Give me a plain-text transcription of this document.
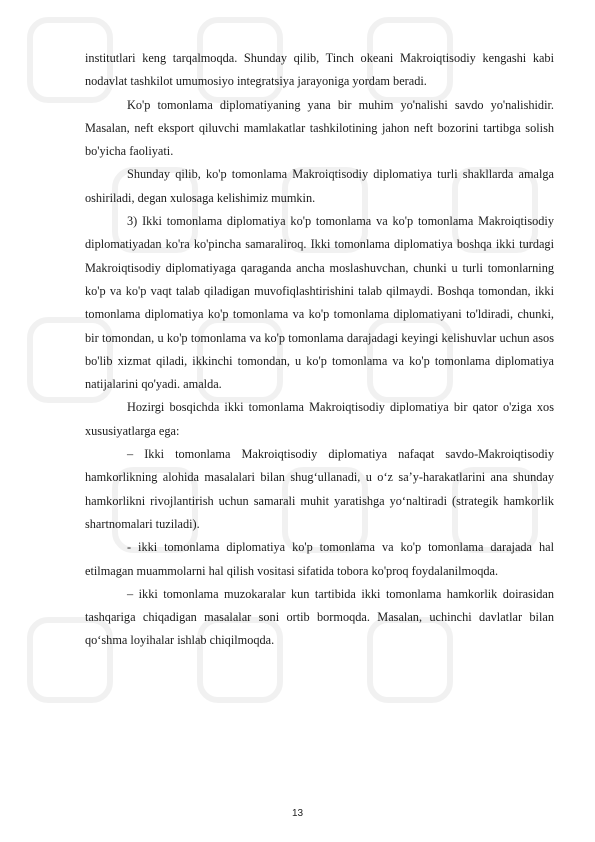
institutlari keng tarqalmoqda. Shunday qilib, Tinch okeani Makroiqtisodiy kengashi kabi nodavlat tashkilot umumosiyo integratsiya jarayoniga yordam beradi.

Ko'p tomonlama diplomatiyaning yana bir muhim yo'nalishi savdo yo'nalishidir. Masalan, neft eksport qiluvchi mamlakatlar tashkilotining jahon neft bozorini tartibga solish bo'yicha faoliyati.

Shunday qilib, ko'p tomonlama Makroiqtisodiy diplomatiya turli shakllarda amalga oshiriladi, degan xulosaga kelishimiz mumkin.

3) Ikki tomonlama diplomatiya ko'p tomonlama va ko'p tomonlama Makroiqtisodiy diplomatiyadan ko'ra ko'pincha samaraliroq. Ikki tomonlama diplomatiya boshqa ikki turdagi Makroiqtisodiy diplomatiyaga qaraganda ancha moslashuvchan, chunki u turli tomonlarning ko'p va ko'p vaqt talab qiladigan muvofiqlashtirishini talab qilmaydi. Boshqa tomondan, ikki tomonlama diplomatiya ko'p tomonlama va ko'p tomonlama diplomatiyani to'ldiradi, chunki, bir tomondan, u ko'p tomonlama va ko'p tomonlama darajadagi keyingi kelishuvlar uchun asos bo'lib xizmat qiladi, ikkinchi tomondan, u ko'p tomonlama va ko'p tomonlama diplomatiya natijalarini qo'yadi. amalda.

Hozirgi bosqichda ikki tomonlama Makroiqtisodiy diplomatiya bir qator o'ziga xos xususiyatlarga ega:

– Ikki tomonlama Makroiqtisodiy diplomatiya nafaqat savdo-Makroiqtisodiy hamkorlikning alohida masalalari bilan shug‘ullanadi, u o‘z sa’y-harakatlarini ana shunday hamkorlikni rivojlantirish uchun samarali muhit yaratishga yo‘naltiradi (strategik hamkorlik shartnomalari tuziladi).

- ikki tomonlama diplomatiya ko'p tomonlama va ko'p tomonlama darajada hal etilmagan muammolarni hal qilish vositasi sifatida tobora ko'proq foydalanilmoqda.

– ikki tomonlama muzokaralar kun tartibida ikki tomonlama hamkorlik doirasidan tashqariga chiqadigan masalalar soni ortib bormoqda. Masalan, uchinchi davlatlar bilan qo‘shma loyihalar ishlab chiqilmoqda.

13
